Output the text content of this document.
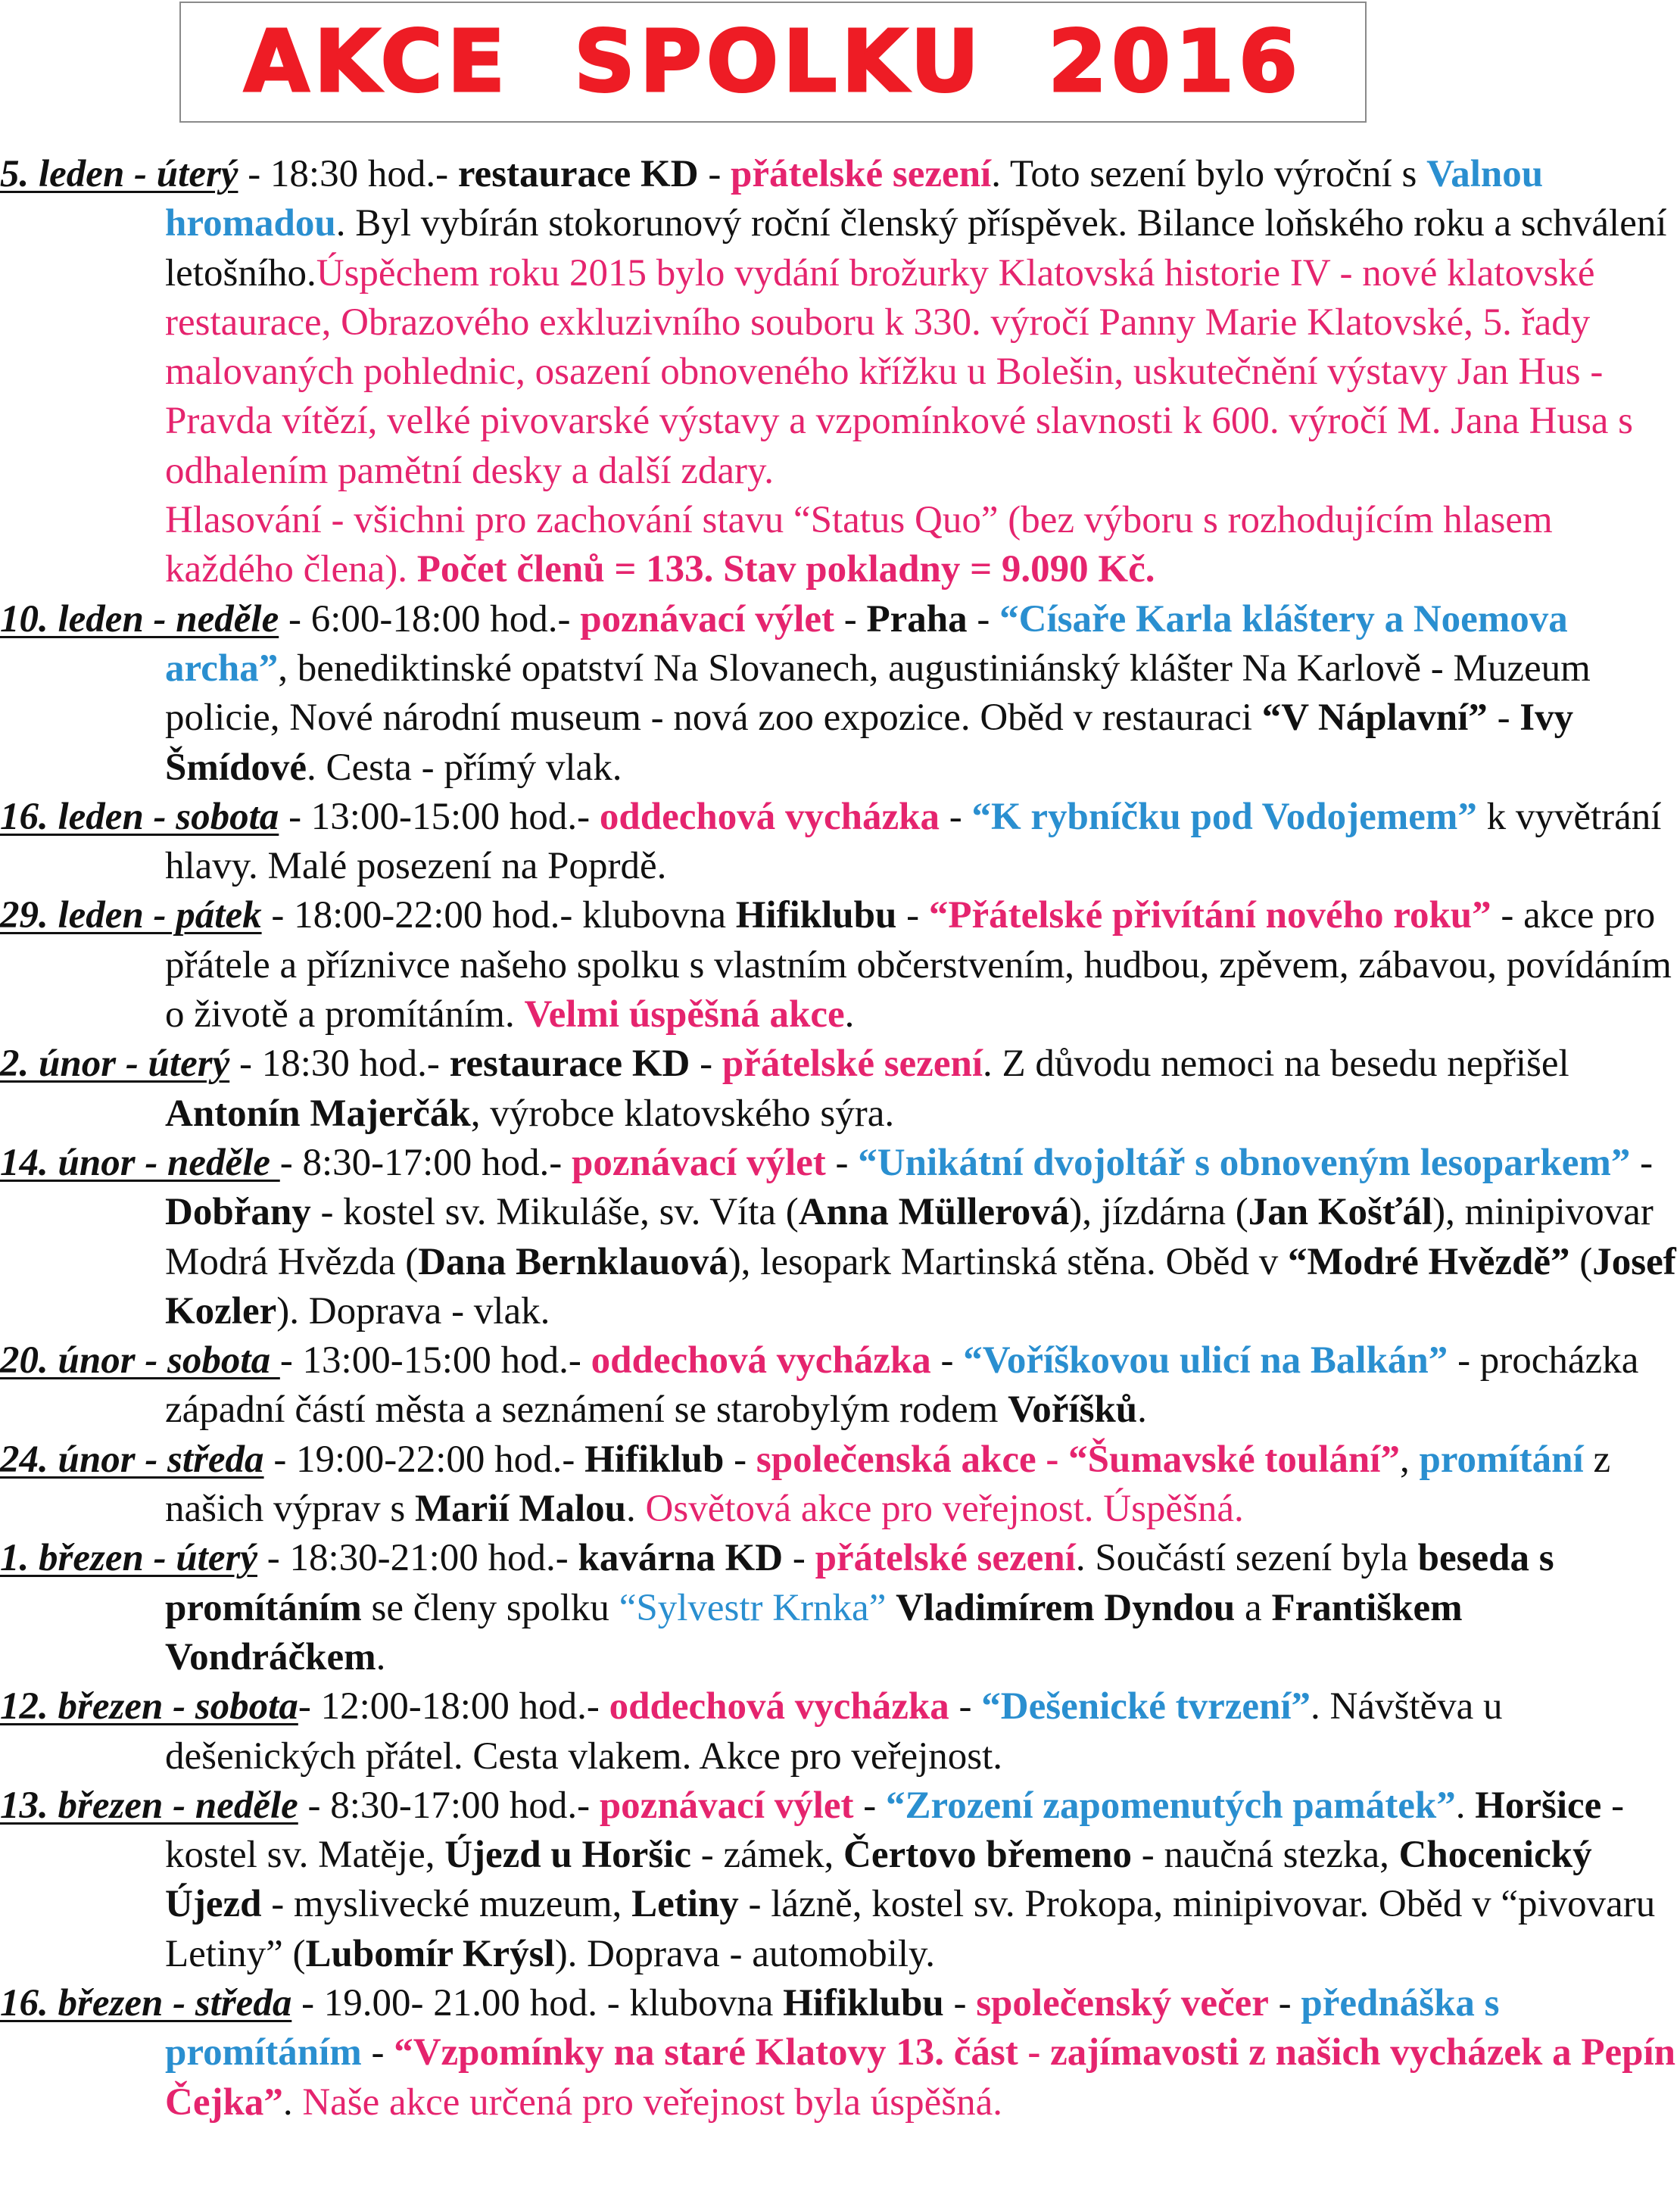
AKCE SPOLKU 2016
5. leden - úterý - 18:30 hod.- restaurace KD - přátelské sezení. Toto sezení bylo výroční s Valnou hromadou. Byl vybírán stokorunový roční členský příspěvek. Bilance loňského roku a schválení letošního.Úspěchem roku 2015 bylo vydání brožurky Klatovská historie IV - nové klatovské restaurace, Obrazového exkluzivního souboru k 330. výročí Panny Marie Klatovské, 5. řady malovaných pohlednic, osazení obnoveného křížku u Bolešin, uskutečnění výstavy Jan Hus - Pravda vítězí, velké pivovarské výstavy a vzpomínkové slavnosti k 600. výročí M. Jana Husa s odhalením pamětní desky a další zdary.
Hlasování - všichni pro zachování stavu “Status Quo” (bez výboru s rozhodujícím hlasem každého člena). Počet členů = 133. Stav pokladny = 9.090 Kč.
10. leden - neděle - 6:00-18:00 hod.- poznávací výlet - Praha - “Císaře Karla kláštery a Noemova archa”, benediktinské opatství Na Slovanech, augustiniánský klášter Na Karlově - Muzeum policie, Nové národní museum - nová zoo expozice. Oběd v restauraci “V Náplavní” - Ivy Šmídové. Cesta - přímý vlak.
16. leden - sobota - 13:00-15:00 hod.- oddechová vycházka - “K rybníčku pod Vodojemem” k vyvětrání hlavy. Malé posezení na Poprdě.
29. leden - pátek - 18:00-22:00 hod.- klubovna Hifiklubu - “Přátelské přivítání nového roku” - akce pro přátele a příznivce našeho spolku s vlastním občerstvením, hudbou, zpěvem, zábavou, povídáním o životě a promítáním. Velmi úspěšná akce.
2. únor - úterý - 18:30 hod.- restaurace KD - přátelské sezení. Z důvodu nemoci na besedu nepřišel Antonín Majerčák, výrobce klatovského sýra.
14. únor - neděle - 8:30-17:00 hod.- poznávací výlet - “Unikátní dvojoltář s obnoveným lesoparkem” - Dobřany - kostel sv. Mikuláše, sv. Víta (Anna Müllerová), jízdárna (Jan Košťál), minipivovar Modrá Hvězda (Dana Bernklauová), lesopark Martinská stěna. Oběd v “Modré Hvězdě” (Josef Kozler). Doprava - vlak.
20. únor - sobota - 13:00-15:00 hod.- oddechová vycházka - “Voříškovou ulicí na Balkán” - procházka západní částí města a seznámení se starobylým rodem Voříšků.
24. únor - středa - 19:00-22:00 hod.- Hifiklub - společenská akce - “Šumavské toulání”, promítání z našich výprav s Marií Malou. Osvětová akce pro veřejnost. Úspěšná.
1. březen - úterý - 18:30-21:00 hod.- kavárna KD - přátelské sezení. Součástí sezení byla beseda s promítáním se členy spolku “Sylvestr Krnka” Vladimírem Dyndou a Františkem Vondráčkem.
12. březen - sobota- 12:00-18:00 hod.- oddechová vycházka - “Dešenické tvrzení”. Návštěva u dešenických přátel. Cesta vlakem. Akce pro veřejnost.
13. březen - neděle - 8:30-17:00 hod.- poznávací výlet - “Zrození zapomenutých památek”. Horšice - kostel sv. Matěje, Újezd u Horšic - zámek, Čertovo břemeno - naučná stezka, Chocenický Újezd - myslivecké muzeum, Letiny - lázně, kostel sv. Prokopa, minipivovar. Oběd v “pivovaru Letiny” (Lubomír Krýsl). Doprava - automobily.
16. březen - středa - 19.00- 21.00 hod. - klubovna Hifiklubu - společenský večer - přednáška s promítáním - “Vzpomínky na staré Klatovy 13. část - zajímavosti z našich vycházek a Pepín Čejka”. Naše akce určená pro veřejnost byla úspěšná.
